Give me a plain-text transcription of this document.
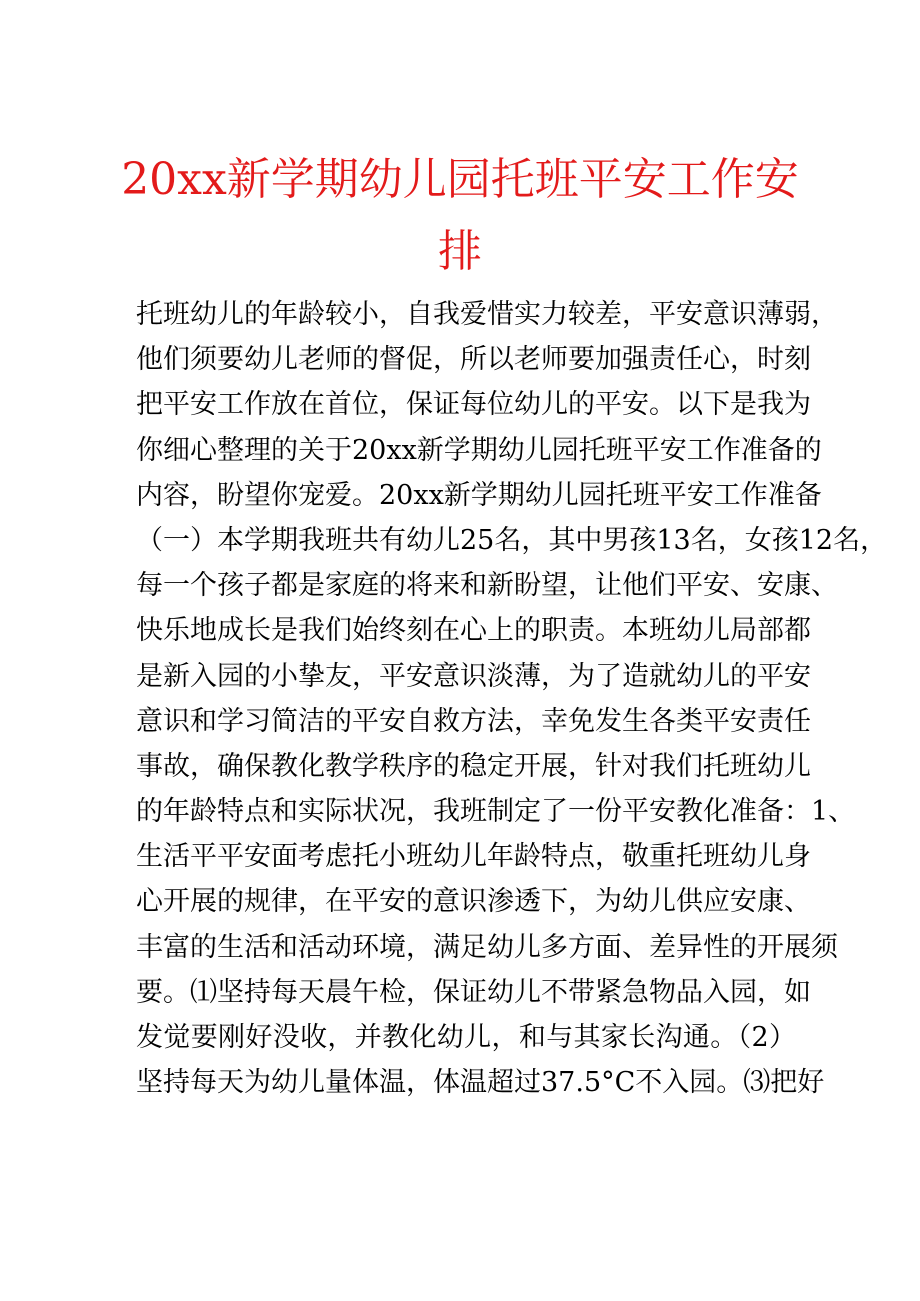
20xx新学期幼儿园托班平安工作安
排
托班幼儿的年龄较小，自我爱惜实力较差，平安意识薄弱，
他们须要幼儿老师的督促，所以老师要加强责任心，时刻
把平安工作放在首位，保证每位幼儿的平安。以下是我为
你细心整理的关于20xx新学期幼儿园托班平安工作准备的
内容，盼望你宠爱。20xx新学期幼儿园托班平安工作准备
（一）本学期我班共有幼儿25名，其中男孩13名，女孩12名，
每一个孩子都是家庭的将来和新盼望，让他们平安、安康、
快乐地成长是我们始终刻在心上的职责。本班幼儿局部都
是新入园的小挚友，平安意识淡薄，为了造就幼儿的平安
意识和学习简洁的平安自救方法，幸免发生各类平安责任
事故，确保教化教学秩序的稳定开展，针对我们托班幼儿
的年龄特点和实际状况，我班制定了一份平安教化准备：1、
生活平平安面考虑托小班幼儿年龄特点，敬重托班幼儿身
心开展的规律，在平安的意识渗透下，为幼儿供应安康、
丰富的生活和活动环境，满足幼儿多方面、差异性的开展须
要。⑴坚持每天晨午检，保证幼儿不带紧急物品入园，如
发觉要刚好没收，并教化幼儿，和与其家长沟通。（2）
坚持每天为幼儿量体温，体温超过37.5°C不入园。⑶把好
